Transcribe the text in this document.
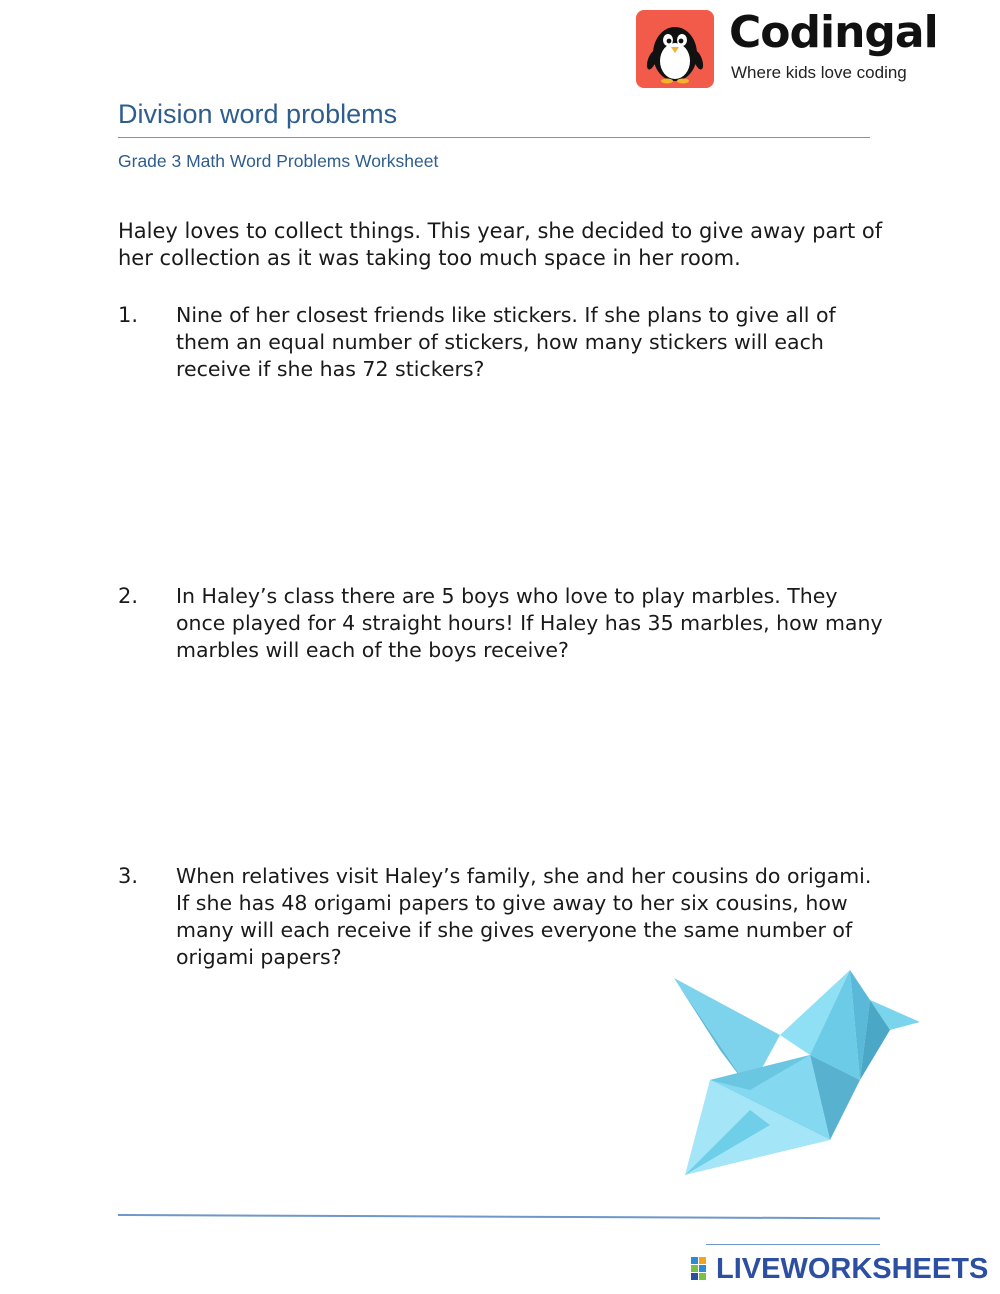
Codingal
Where kids love coding
Division word problems
Grade 3 Math Word Problems Worksheet
Haley loves to collect things. This year, she decided to give away part of her collection as it was taking too much space in her room.
1. Nine of her closest friends like stickers. If she plans to give all of them an equal number of stickers, how many stickers will each receive if she has 72 stickers?
2. In Haley’s class there are 5 boys who love to play marbles. They once played for 4 straight hours! If Haley has 35 marbles, how many marbles will each of the boys receive?
3. When relatives visit Haley’s family, she and her cousins do origami. If she has 48 origami papers to give away to her six cousins, how many will each receive if she gives everyone the same number of origami papers?
LIVEWORKSHEETS
